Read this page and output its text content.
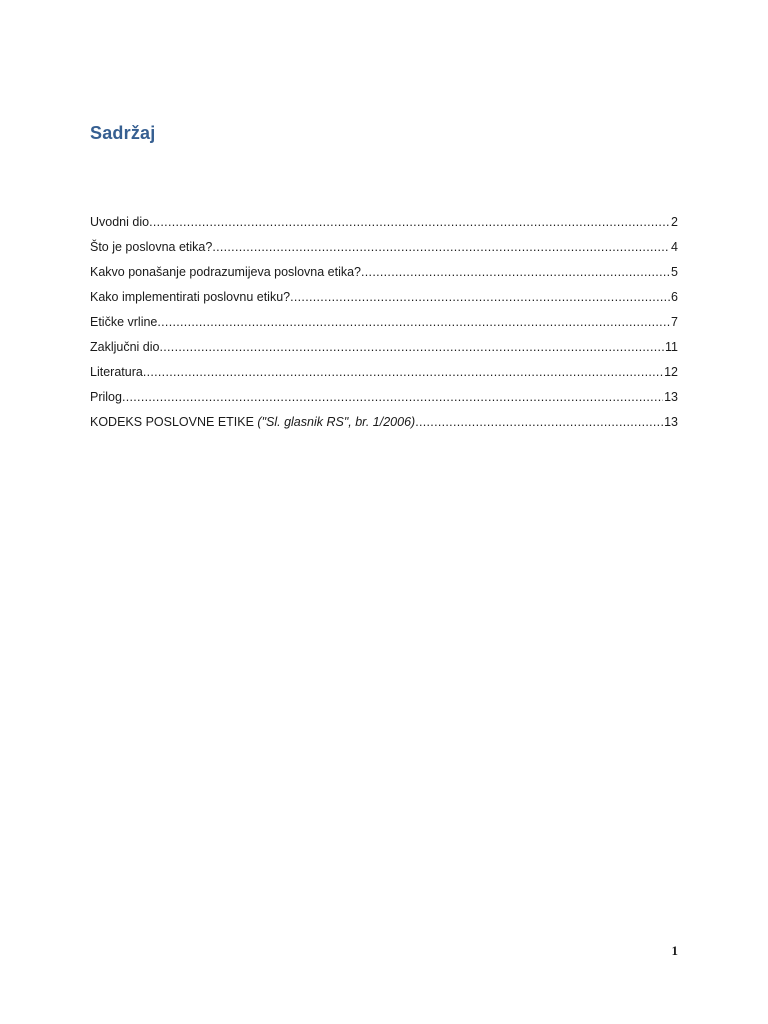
Sadržaj
Uvodni dio .....	2
Što je poslovna etika? .....	4
Kakvo ponašanje podrazumijeva poslovna etika? .....	5
Kako implementirati poslovnu etiku? .....	6
Etičke vrline .....	7
Zaključni dio .....	11
Literatura .....	12
Prilog .....	13
KODEKS POSLOVNE ETIKE ("Sl. glasnik RS", br. 1/2006) .....	13
1
